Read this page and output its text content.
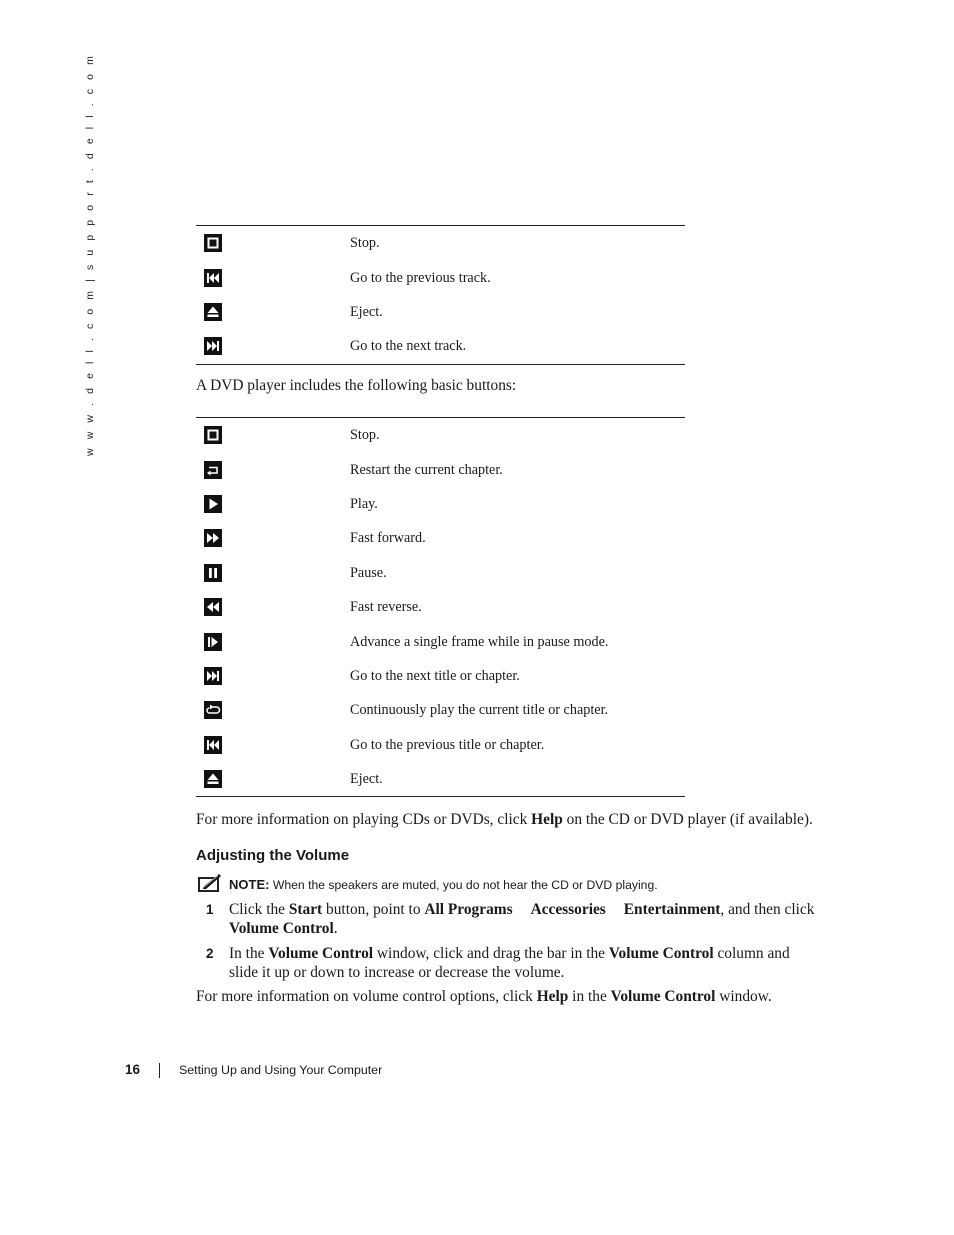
w w w . d e l l . c o m | s u p p o r t . d e l l . c o m	Stop.
Go to the previous track.
Eject.
Go to the next track.
A DVD player includes the following basic buttons:
Stop.
Restart the current chapter.
Play.
Fast forward.
Pause.
Fast reverse.
Advance a single frame while in pause mode.
Go to the next title or chapter.
Continuously play the current title or chapter.
Go to the previous title or chapter.
Eject.
For more information on playing CDs or DVDs, click Help on the CD or DVD player (if available).
Adjusting the Volume
NOTE: When the speakers are muted, you do not hear the CD or DVD playing.
1 Click the Start button, point to All Programs Accessories Entertainment, and then click
Volume Control.
2 In the Volume Control window, click and drag the bar in the Volume Control column and slide it up or down to increase or decrease the volume.
For more information on volume control options, click Help in the Volume Control window.
16	Setting Up and Using Your Computer
